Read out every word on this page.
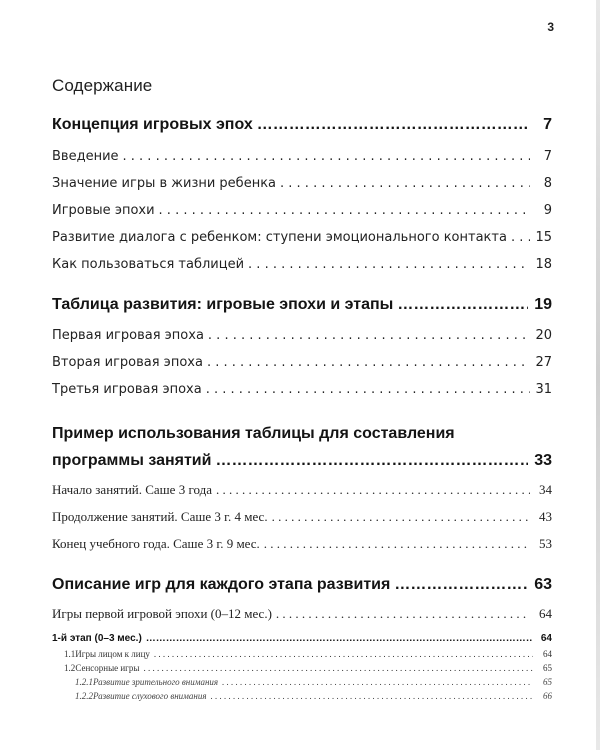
3
Содержание
Концепция игровых эпох …………………………………………………………………………………………………………………………………………………………………………………………………………………………………………………………………………	7
Введение . . .	7
Значение игры в жизни ребенка . . .	8
Игровые эпохи . . .	9
Развитие диалога с ребенком: ступени эмоционального контакта . . . 15
Как пользоваться таблицей . . .	18
Таблица развития: игровые эпохи и этапы …………………………………………………………………………………………………………………………………………………………………………………………………………………………………………………………………………	19
Первая игровая эпоха . . .	20
Вторая игровая эпоха . . .	27
Третья игровая эпоха . . .	31
Пример использования таблицы для составления
программы занятий …………………………………………………………………………………………………………………………………………………………………………………………………………………………………………………………………………	33
Начало занятий. Саше 3 года . . .	34
Продолжение занятий. Саше 3 г. 4 мес. . . .	43
Конец учебного года. Саше 3 г. 9 мес. . . .	53
Описание игр для каждого этапа развития …………………………………………………………………………………………………………………………………………………………………………………………………………………………………………………………………………	63
Игры первой игровой эпохи (0–12 мес.) . . .	64
1-й этап (0–3 мес.) ……………………………………………………………………………………………………………………………………………………………………………………………………	64
1.1 Игры лицом к лицу . . .	64
1.2 Сенсорные игры . . .	65
1.2.1 Развитие зрительного внимания . . .	65
1.2.2 Развитие слухового внимания . . .	66
